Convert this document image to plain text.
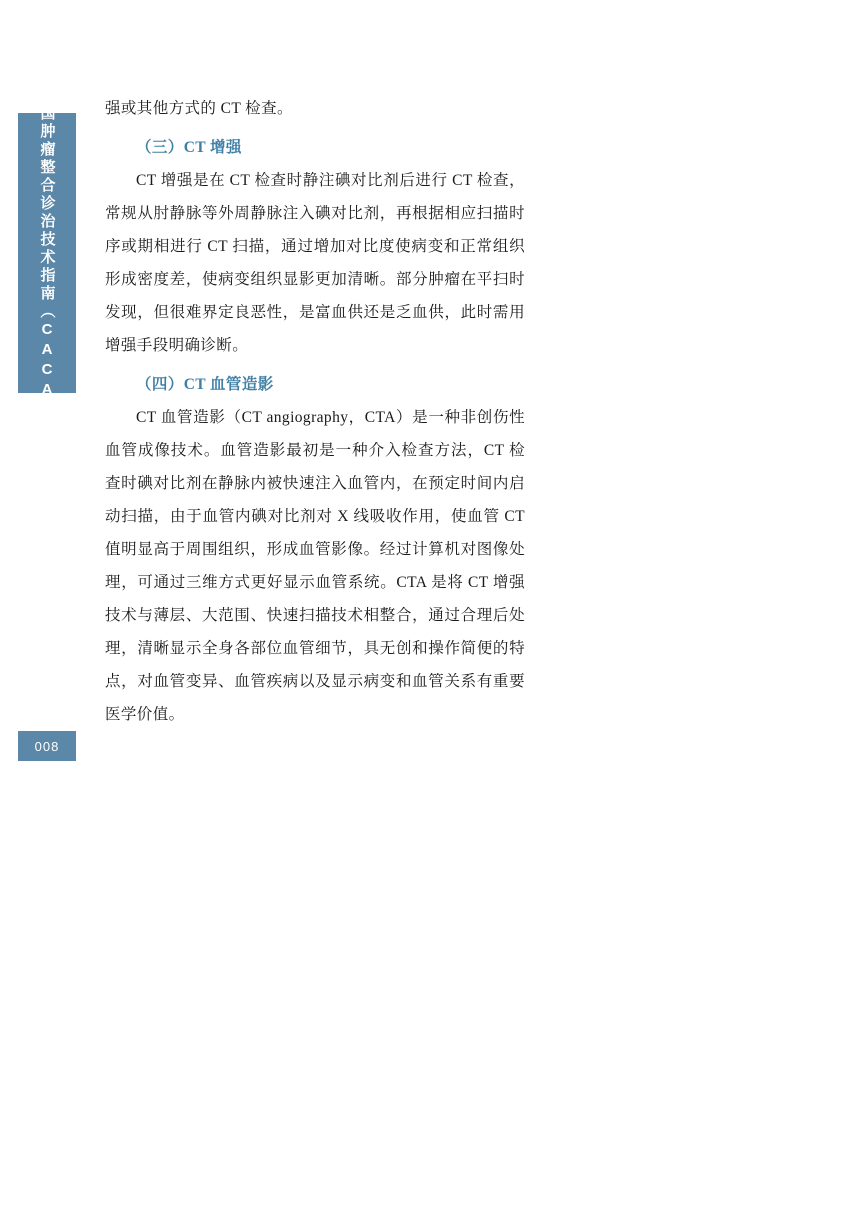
中国肿瘤整合诊治技术指南（CACA）
008

强或其他方式的 CT 检查。

（三）CT 增强

CT 增强是在 CT 检查时静注碘对比剂后进行 CT 检查，常规从肘静脉等外周静脉注入碘对比剂，再根据相应扫描时序或期相进行 CT 扫描，通过增加对比度使病变和正常组织形成密度差，使病变组织显影更加清晰。部分肿瘤在平扫时发现，但很难界定良恶性，是富血供还是乏血供，此时需用增强手段明确诊断。

（四）CT 血管造影

CT 血管造影（CT angiography，CTA）是一种非创伤性血管成像技术。血管造影最初是一种介入检查方法，CT 检查时碘对比剂在静脉内被快速注入血管内，在预定时间内启动扫描，由于血管内碘对比剂对 X 线吸收作用，使血管 CT 值明显高于周围组织，形成血管影像。经过计算机对图像处理，可通过三维方式更好显示血管系统。CTA 是将 CT 增强技术与薄层、大范围、快速扫描技术相整合，通过合理后处理，清晰显示全身各部位血管细节，具无创和操作简便的特点，对血管变异、血管疾病以及显示病变和血管关系有重要医学价值。
